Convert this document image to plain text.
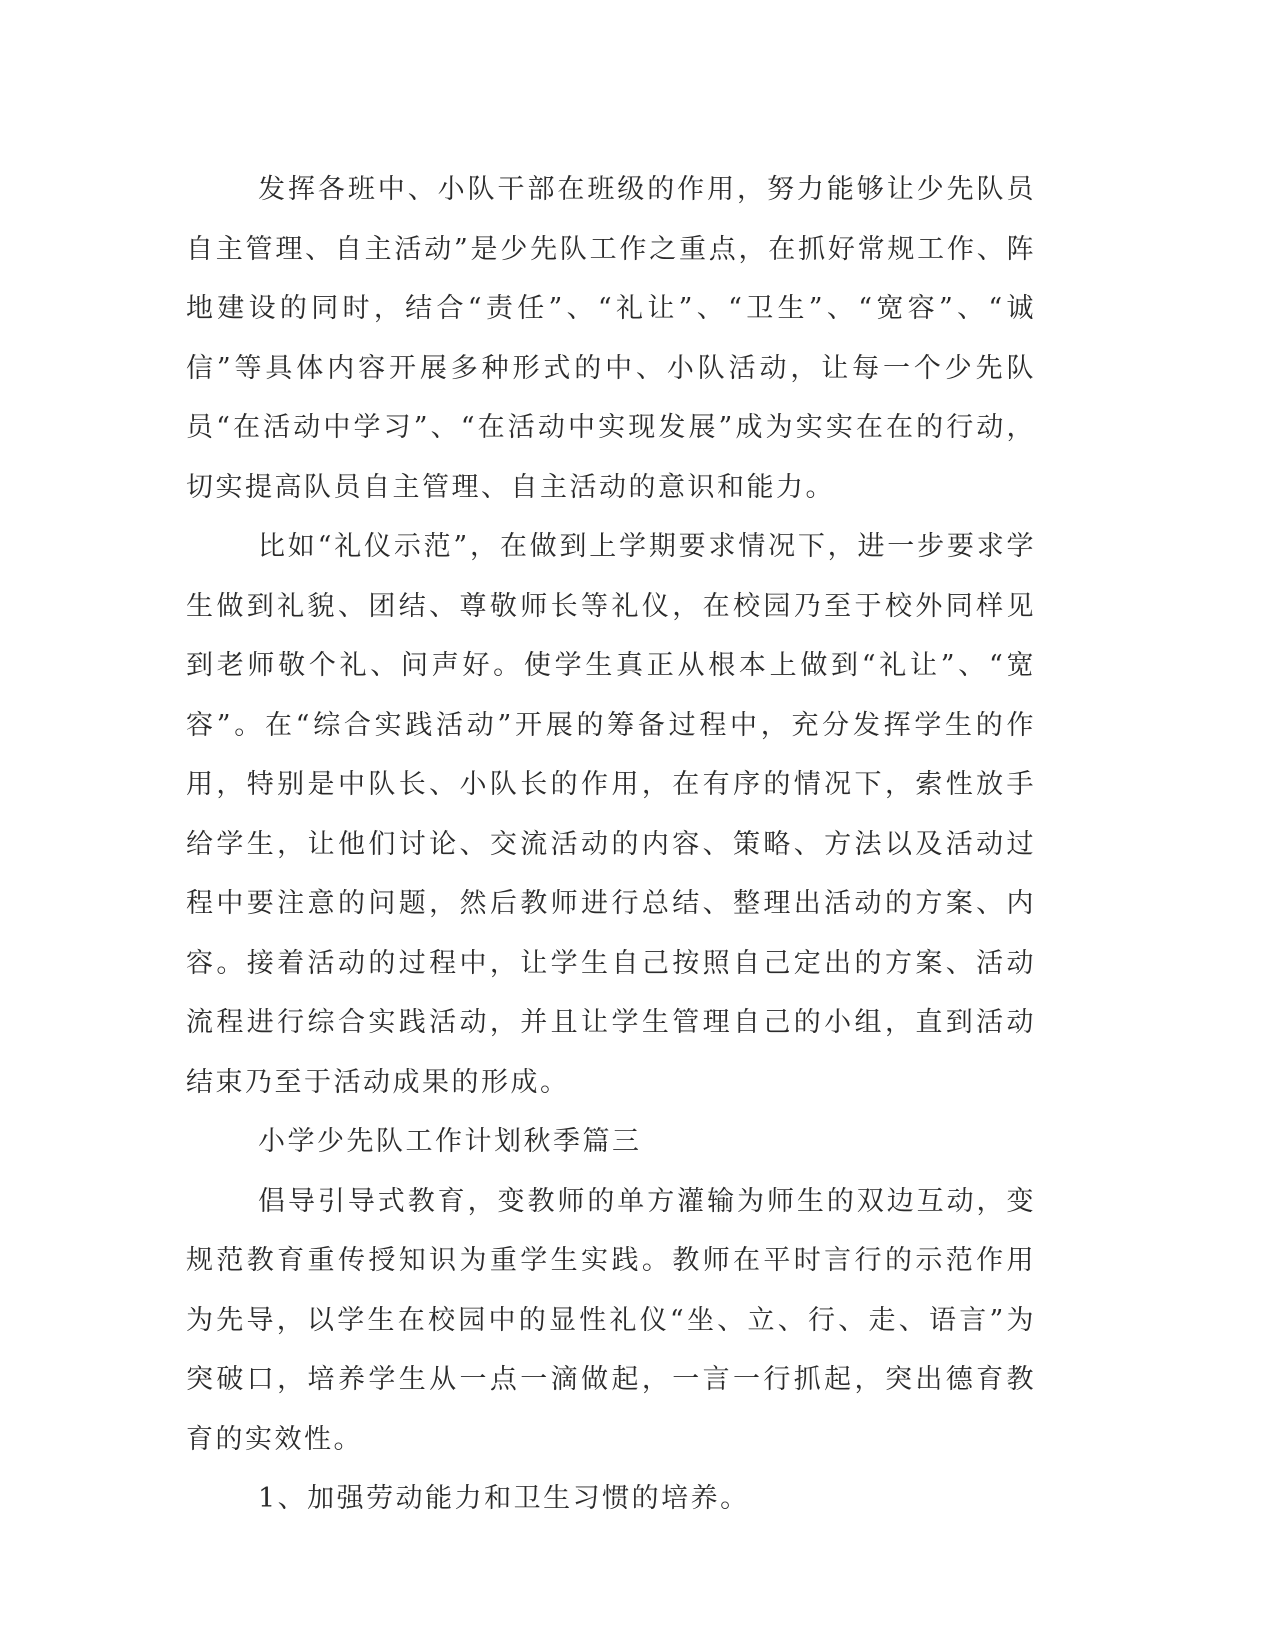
发挥各班中、小队干部在班级的作用，努力能够让少先队员自主管理、自主活动”是少先队工作之重点，在抓好常规工作、阵地建设的同时，结合“责任”、“礼让”、“卫生”、“宽容”、“诚信”等具体内容开展多种形式的中、小队活动，让每一个少先队员“在活动中学习”、“在活动中实现发展”成为实实在在的行动，切实提高队员自主管理、自主活动的意识和能力。

比如“礼仪示范”，在做到上学期要求情况下，进一步要求学生做到礼貌、团结、尊敬师长等礼仪，在校园乃至于校外同样见到老师敬个礼、问声好。使学生真正从根本上做到“礼让”、“宽容”。在“综合实践活动”开展的筹备过程中，充分发挥学生的作用，特别是中队长、小队长的作用，在有序的情况下，索性放手给学生，让他们讨论、交流活动的内容、策略、方法以及活动过程中要注意的问题，然后教师进行总结、整理出活动的方案、内容。接着活动的过程中，让学生自己按照自己定出的方案、活动流程进行综合实践活动，并且让学生管理自己的小组，直到活动结束乃至于活动成果的形成。

小学少先队工作计划秋季篇三

倡导引导式教育，变教师的单方灌输为师生的双边互动，变规范教育重传授知识为重学生实践。教师在平时言行的示范作用为先导，以学生在校园中的显性礼仪“坐、立、行、走、语言”为突破口，培养学生从一点一滴做起，一言一行抓起，突出德育教育的实效性。

1、加强劳动能力和卫生习惯的培养。
